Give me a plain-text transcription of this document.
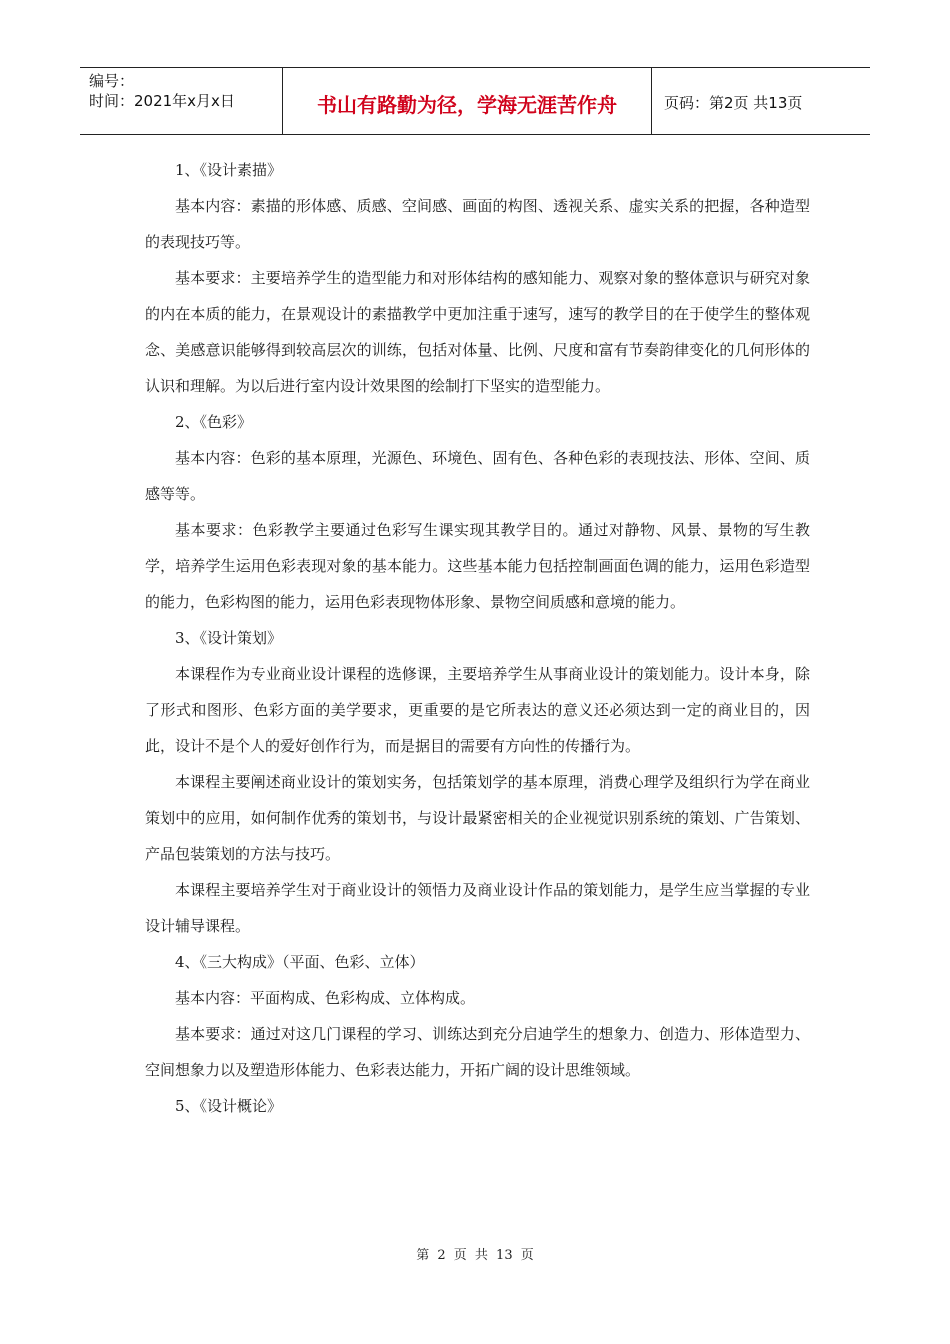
编号：
时间：2021年x月x日	书山有路勤为径，学海无涯苦作舟	页码：第2页 共13页

1、《设计素描》

基本内容：素描的形体感、质感、空间感、画面的构图、透视关系、虚实关系的把握，各种造型的表现技巧等。

基本要求：主要培养学生的造型能力和对形体结构的感知能力、观察对象的整体意识与研究对象的内在本质的能力，在景观设计的素描教学中更加注重于速写，速写的教学目的在于使学生的整体观念、美感意识能够得到较高层次的训练，包括对体量、比例、尺度和富有节奏韵律变化的几何形体的认识和理解。为以后进行室内设计效果图的绘制打下坚实的造型能力。

2、《色彩》

基本内容：色彩的基本原理，光源色、环境色、固有色、各种色彩的表现技法、形体、空间、质感等等。

基本要求：色彩教学主要通过色彩写生课实现其教学目的。通过对静物、风景、景物的写生教学，培养学生运用色彩表现对象的基本能力。这些基本能力包括控制画面色调的能力，运用色彩造型的能力，色彩构图的能力，运用色彩表现物体形象、景物空间质感和意境的能力。

3、《设计策划》

本课程作为专业商业设计课程的选修课，主要培养学生从事商业设计的策划能力。设计本身，除了形式和图形、色彩方面的美学要求，更重要的是它所表达的意义还必须达到一定的商业目的，因此，设计不是个人的爱好创作行为，而是据目的需要有方向性的传播行为。

本课程主要阐述商业设计的策划实务，包括策划学的基本原理，消费心理学及组织行为学在商业策划中的应用，如何制作优秀的策划书，与设计最紧密相关的企业视觉识别系统的策划、广告策划、产品包装策划的方法与技巧。

本课程主要培养学生对于商业设计的领悟力及商业设计作品的策划能力，是学生应当掌握的专业设计辅导课程。

4、《三大构成》（平面、色彩、立体）

基本内容：平面构成、色彩构成、立体构成。

基本要求：通过对这几门课程的学习、训练达到充分启迪学生的想象力、创造力、形体造型力、空间想象力以及塑造形体能力、色彩表达能力，开拓广阔的设计思维领域。

5、《设计概论》

第 2 页 共 13 页
